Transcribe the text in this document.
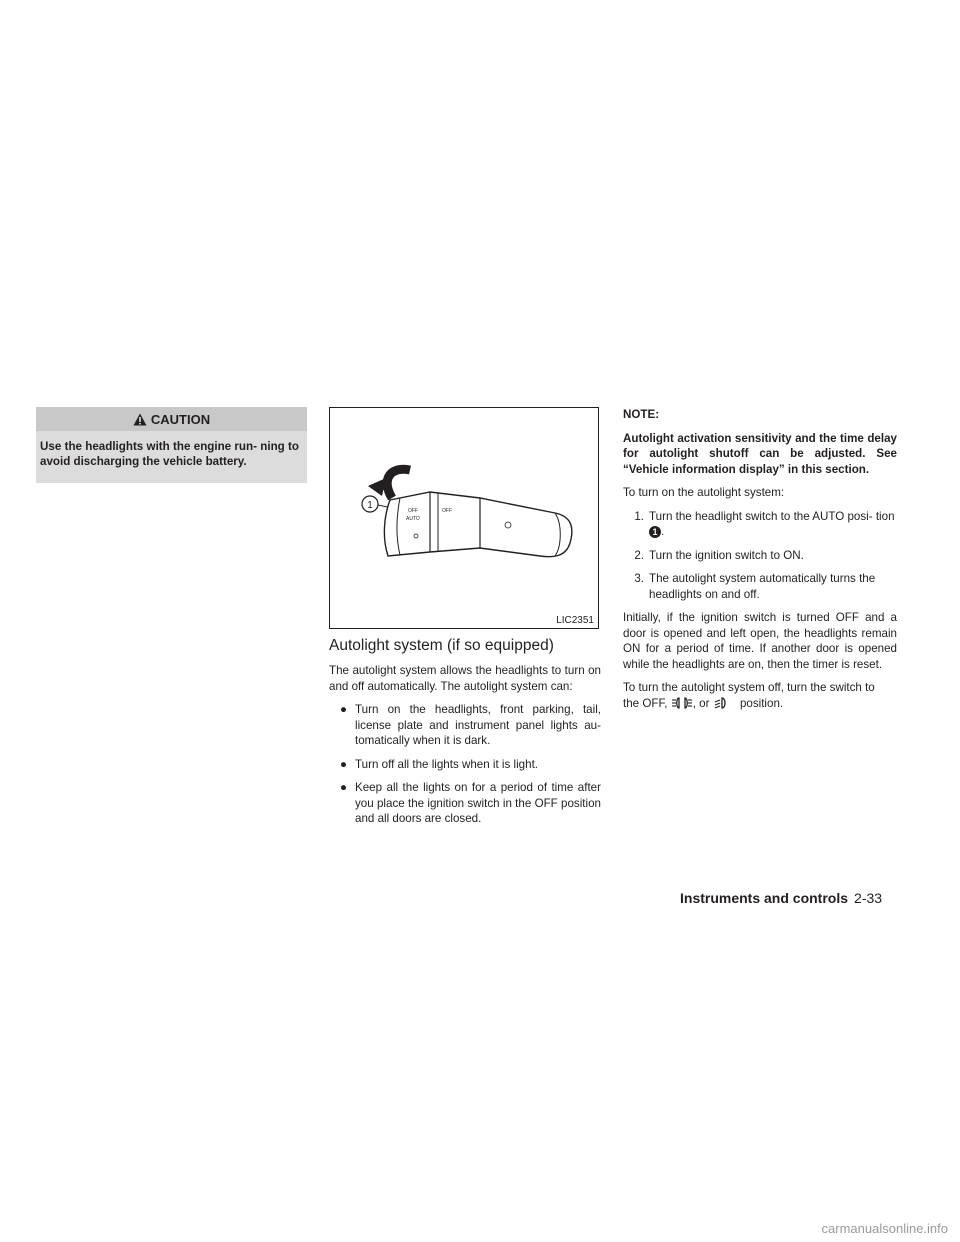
CAUTION
Use the headlights with the engine run- ning to avoid discharging the vehicle battery.
1	OFF
AUTO
OFF
LIC2351
Autolight system (if so equipped)

The autolight system allows the headlights to turn on and off automatically. The autolight system can:

● Turn on the headlights, front parking, tail, license plate and instrument panel lights au- tomatically when it is dark.
● Turn off all the lights when it is light.
● Keep all the lights on for a period of time after you place the ignition switch in the OFF position and all doors are closed.

NOTE:

Autolight activation sensitivity and the time delay for autolight shutoff can be adjusted. See “Vehicle information display” in this section.

To turn on the autolight system:

1. Turn the headlight switch to the AUTO posi- tion 1 .
2. Turn the ignition switch to ON.
3. The autolight system automatically turns the headlights on and off.

Initially, if the ignition switch is turned OFF and a door is opened and left open, the headlights remain ON for a period of time. If another door is opened while the headlights are on, then the timer is reset.

To turn the autolight system off, turn the switch to
the OFF, , or	position.

Instruments and controls 2-33
carmanualsonline.info
